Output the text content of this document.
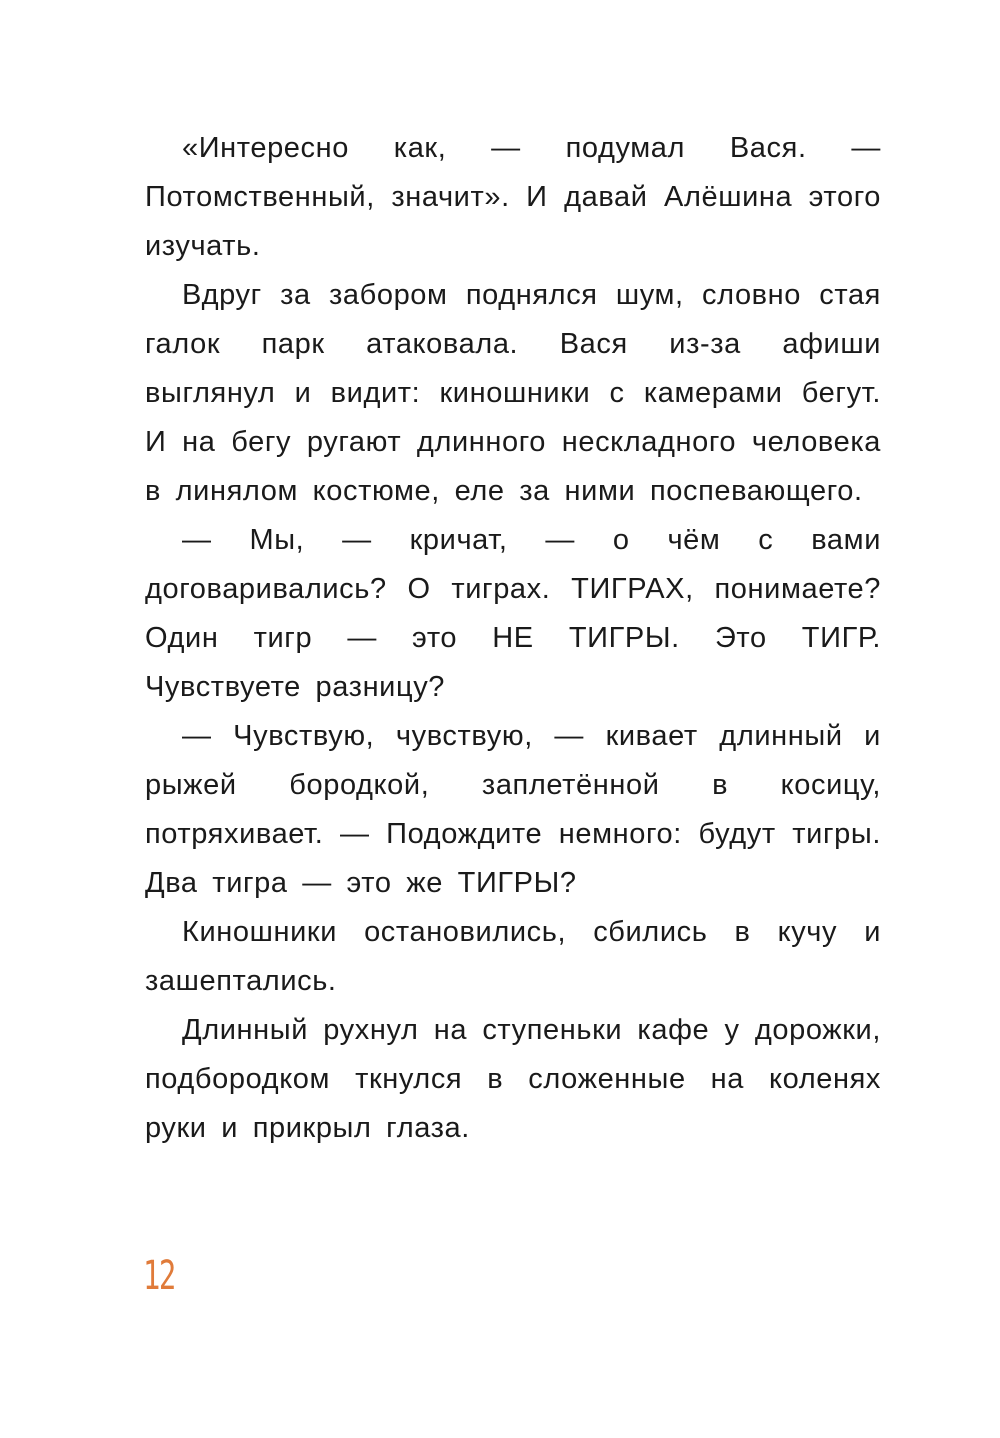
«Интересно как, — подумал Вася. — Потомственный, значит». И давай Алёшина этого изучать.

Вдруг за забором поднялся шум, словно стая галок парк атаковала. Вася из-за афиши выглянул и видит: киношники с камерами бегут. И на бегу ругают длинного нескладного человека в линялом костюме, еле за ними поспевающего.

— Мы, — кричат, — о чём с вами договаривались? О тиграх. ТИГРАХ, понимаете? Один тигр — это НЕ ТИГРЫ. Это ТИГР. Чувствуете разницу?

— Чувствую, чувствую, — кивает длинный и рыжей бородкой, заплетённой в косицу, потряхивает. — Подождите немного: будут тигры. Два тигра — это же ТИГРЫ?

Киношники остановились, сбились в кучу и зашептались.

Длинный рухнул на ступеньки кафе у дорожки, подбородком ткнулся в сложенные на коленях руки и прикрыл глаза.

12
